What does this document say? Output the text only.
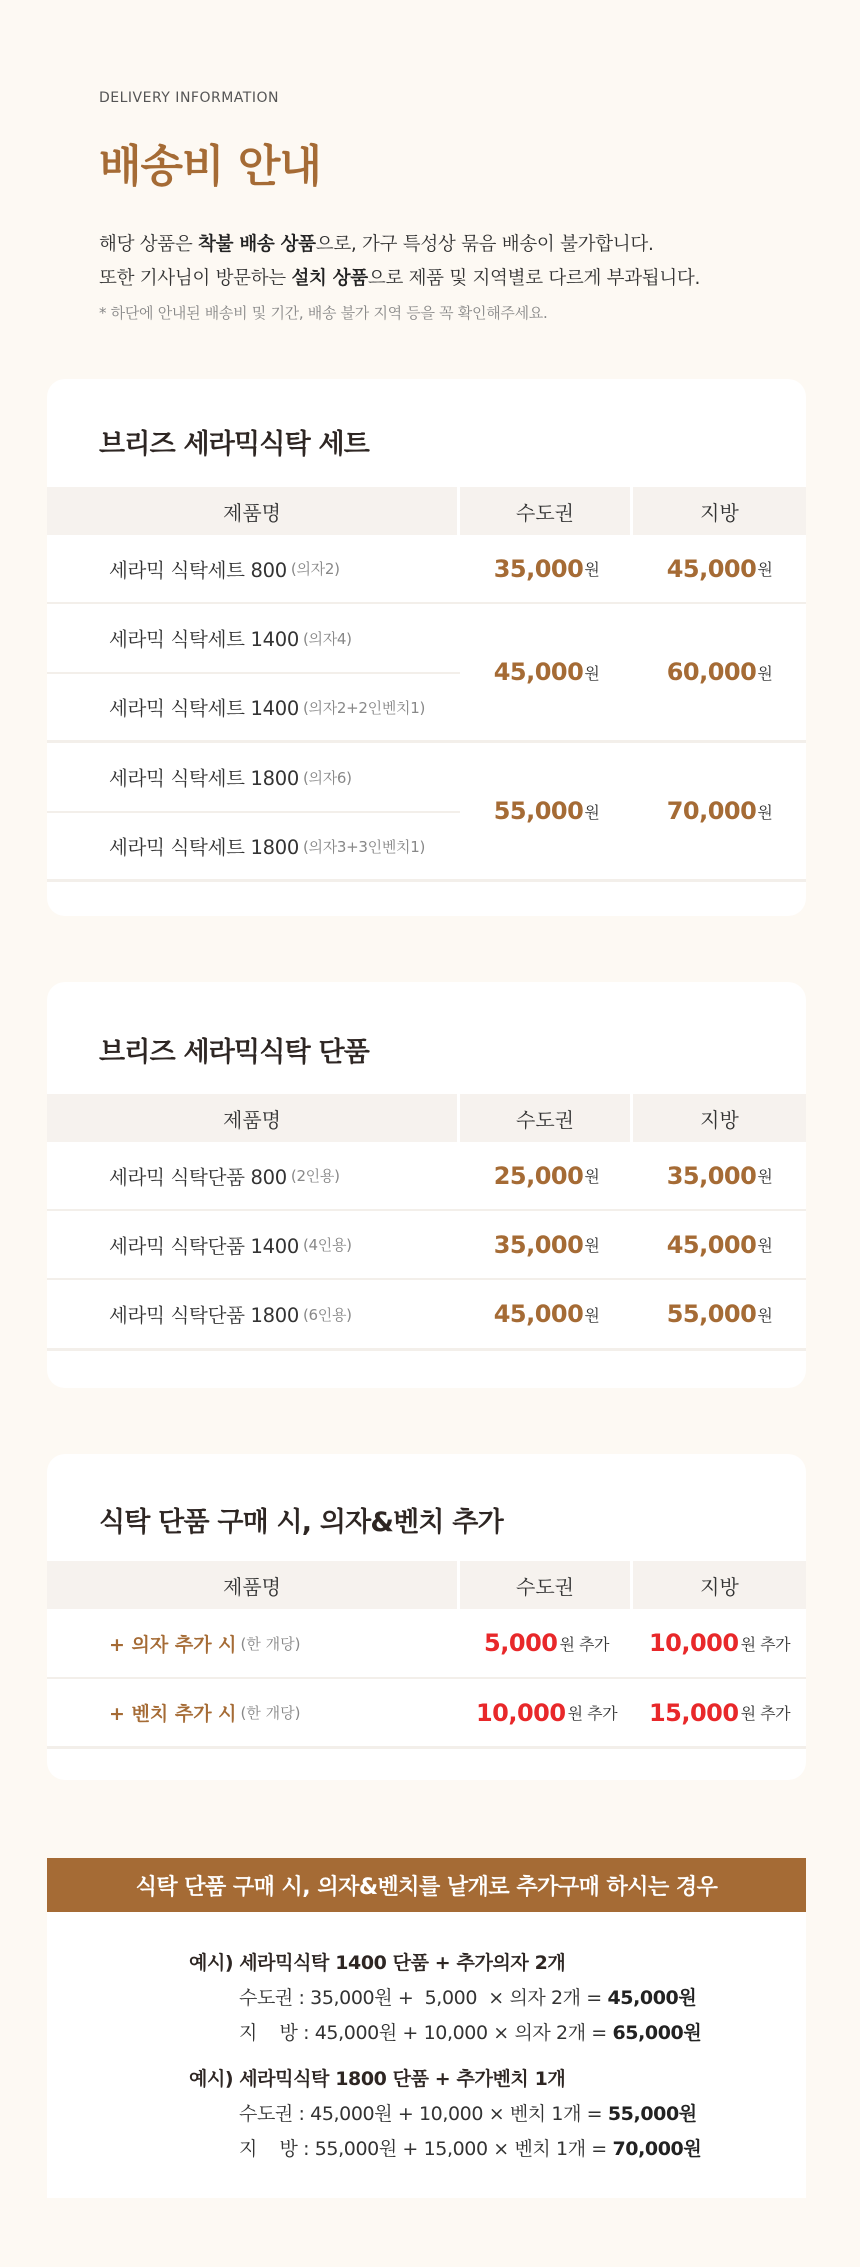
DELIVERY INFORMATION
배송비 안내
해당 상품은 착불 배송 상품으로, 가구 특성상 묶음 배송이 불가합니다.
또한 기사님이 방문하는 설치 상품으로 제품 및 지역별로 다르게 부과됩니다.
* 하단에 안내된 배송비 및 기간, 배송 불가 지역 등을 꼭 확인해주세요.
브리즈 세라믹식탁 세트
제품명	수도권	지방
세라믹 식탁세트 800 (의자2)	35,000 원	45,000 원
세라믹 식탁세트 1400 (의자4)
세라믹 식탁세트 1400 (의자2+2인벤치1)
45,000 원	60,000 원
세라믹 식탁세트 1800 (의자6)
세라믹 식탁세트 1800 (의자3+3인벤치1)
55,000 원	70,000 원
브리즈 세라믹식탁 단품
제품명	수도권	지방
세라믹 식탁단품 800 (2인용)	25,000 원	35,000 원
세라믹 식탁단품 1400 (4인용)	35,000 원	45,000 원
세라믹 식탁단품 1800 (6인용)	45,000 원	55,000 원
식탁 단품 구매 시, 의자&벤치 추가
제품명	수도권	지방
+ 의자 추가 시 (한 개당)	5,000 원 추가 10,000 원 추가
+ 벤치 추가 시 (한 개당)	10,000 원 추가 15,000 원 추가
식탁 단품 구매 시, 의자&벤치를 낱개로 추가구매 하시는 경우
예시) 세라믹식탁 1400 단품 + 추가의자 2개
수도권 : 35,000원 +  5,000  × 의자 2개 = 45,000원
지    방 : 45,000원 + 10,000 × 의자 2개 = 65,000원
예시) 세라믹식탁 1800 단품 + 추가벤치 1개
수도권 : 45,000원 + 10,000 × 벤치 1개 = 55,000원
지    방 : 55,000원 + 15,000 × 벤치 1개 = 70,000원
